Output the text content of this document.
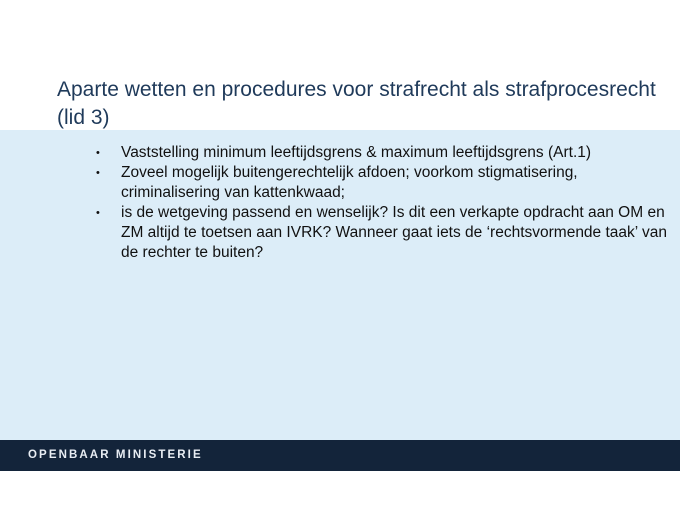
Aparte wetten en procedures voor strafrecht als strafprocesrecht (lid 3)
• Vaststelling minimum leeftijdsgrens & maximum leeftijdsgrens (Art.1)
• Zoveel mogelijk buitengerechtelijk afdoen; voorkom stigmatisering, criminalisering van kattenkwaad;
• is de wetgeving passend en wenselijk? Is dit een verkapte opdracht aan OM en ZM altijd te toetsen aan IVRK? Wanneer gaat iets de ‘rechtsvormende taak’ van de rechter te buiten?
OPENBAAR MINISTERIE
